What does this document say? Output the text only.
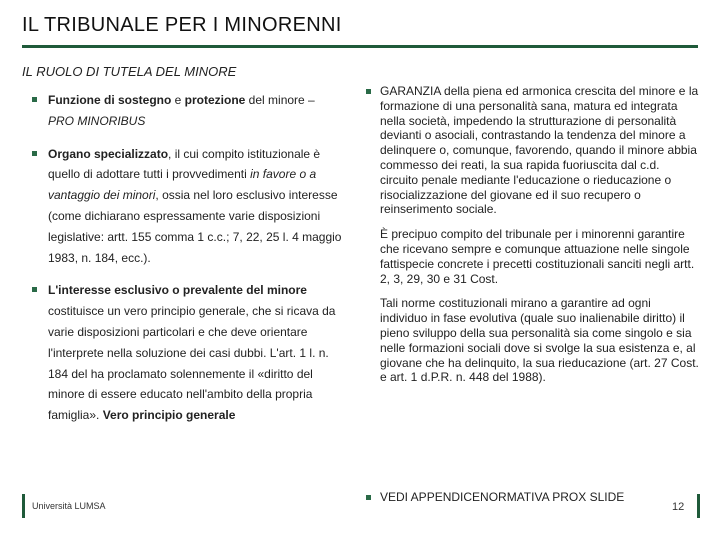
IL TRIBUNALE PER I MINORENNI
IL RUOLO DI TUTELA DEL MINORE
Funzione di sostegno e protezione del minore – PRO MINORIBUS
Organo specializzato, il cui compito istituzionale è quello di adottare tutti i provvedimenti in favore o a vantaggio dei minori, ossia nel loro esclusivo interesse (come dichiarano espressamente varie disposizioni legislative: artt. 155 comma 1 c.c.; 7, 22, 25 l. 4 maggio 1983, n. 184, ecc.).
L'interesse esclusivo o prevalente del minore costituisce un vero principio generale, che si ricava da varie disposizioni particolari e che deve orientare l'interprete nella soluzione dei casi dubbi. L'art. 1 l. n. 184 del ha proclamato solennemente il «diritto del minore di essere educato nell'ambito della propria famiglia». Vero principio generale
GARANZIA della piena ed armonica crescita del minore e la formazione di una personalità sana, matura ed integrata nella società, impedendo la strutturazione di personalità devianti o asociali, contrastando la tendenza del minore a delinquere o, comunque, favorendo, quando il minore abbia commesso dei reati, la sua rapida fuoriuscita dal c.d. circuito penale mediante l'educazione o rieducazione o risocializzazione del giovane ed il suo recupero o reinserimento sociale.
È precipuo compito del tribunale per i minorenni garantire che ricevano sempre e comunque attuazione nelle singole fattispecie concrete i precetti costituzionali sanciti negli artt. 2, 3, 29, 30 e 31 Cost.
Tali norme costituzionali mirano a garantire ad ogni individuo in fase evolutiva (quale suo inalienabile diritto) il pieno sviluppo della sua personalità sia come singolo e sia nelle formazioni sociali dove si svolge la sua esistenza e, al giovane che ha delinquito, la sua rieducazione (art. 27 Cost. e art. 1 d.P.R. n. 448 del 1988).
VEDI APPENDICENORMATIVA PROX SLIDE
Università LUMSA	12
